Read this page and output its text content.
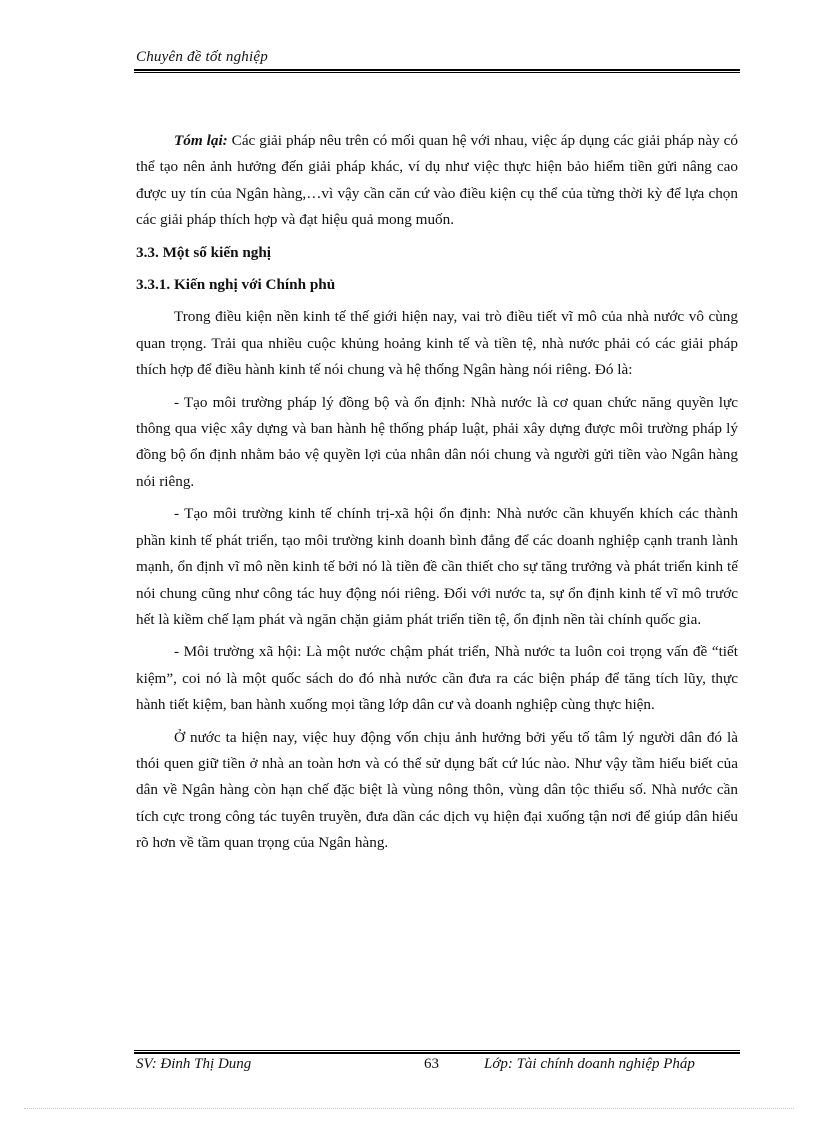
Chuyên đề tốt nghiệp

Tóm lại: Các giải pháp nêu trên có mối quan hệ với nhau, việc áp dụng các giải pháp này có thể tạo nên ảnh hưởng đến giải pháp khác, ví dụ như việc thực hiện bảo hiểm tiền gửi nâng cao được uy tín của Ngân hàng,…vì vậy cần căn cứ vào điều kiện cụ thể của từng thời kỳ để lựa chọn các giải pháp thích hợp và đạt hiệu quả mong muốn.

3.3. Một số kiến nghị

3.3.1. Kiến nghị với Chính phủ

Trong điều kiện nền kinh tế thế giới hiện nay, vai trò điều tiết vĩ mô của nhà nước vô cùng quan trọng. Trải qua nhiều cuộc khủng hoảng kinh tế và tiền tệ, nhà nước phải có các giải pháp thích hợp để điều hành kinh tế nói chung và hệ thống Ngân hàng nói riêng. Đó là:

- Tạo môi trường pháp lý đồng bộ và ổn định: Nhà nước là cơ quan chức năng quyền lực thông qua việc xây dựng và ban hành hệ thống pháp luật, phải xây dựng được môi trường pháp lý đồng bộ ổn định nhằm bảo vệ quyền lợi của nhân dân nói chung và người gửi tiền vào Ngân hàng nói riêng.

- Tạo môi trường kinh tế chính trị-xã hội ổn định: Nhà nước cần khuyến khích các thành phần kinh tế phát triển, tạo môi trường kinh doanh bình đẳng để các doanh nghiệp cạnh tranh lành mạnh, ổn định vĩ mô nền kinh tế bởi nó là tiền đề cần thiết cho sự tăng trưởng và phát triển kinh tế nói chung cũng như công tác huy động nói riêng. Đối với nước ta, sự ổn định kinh tế vĩ mô trước hết là kiềm chế lạm phát và ngăn chặn giảm phát triển tiền tệ, ổn định nền tài chính quốc gia.

- Môi trường xã hội: Là một nước chậm phát triển, Nhà nước ta luôn coi trọng vấn đề “tiết kiệm”, coi nó là một quốc sách do đó nhà nước cần đưa ra các biện pháp để tăng tích lũy, thực hành tiết kiệm, ban hành xuống mọi tầng lớp dân cư và doanh nghiệp cùng thực hiện.

Ở nước ta hiện nay, việc huy động vốn chịu ảnh hưởng bởi yếu tố tâm lý người dân đó là thói quen giữ tiền ở nhà an toàn hơn và có thể sử dụng bất cứ lúc nào. Như vậy tầm hiểu biết của dân về Ngân hàng còn hạn chế đặc biệt là vùng nông thôn, vùng dân tộc thiểu số. Nhà nước cần tích cực trong công tác tuyên truyền, đưa dần các dịch vụ hiện đại xuống tận nơi để giúp dân hiểu rõ hơn về tầm quan trọng của Ngân hàng.

SV: Đinh Thị Dung	63	Lớp: Tài chính doanh nghiệp Pháp
